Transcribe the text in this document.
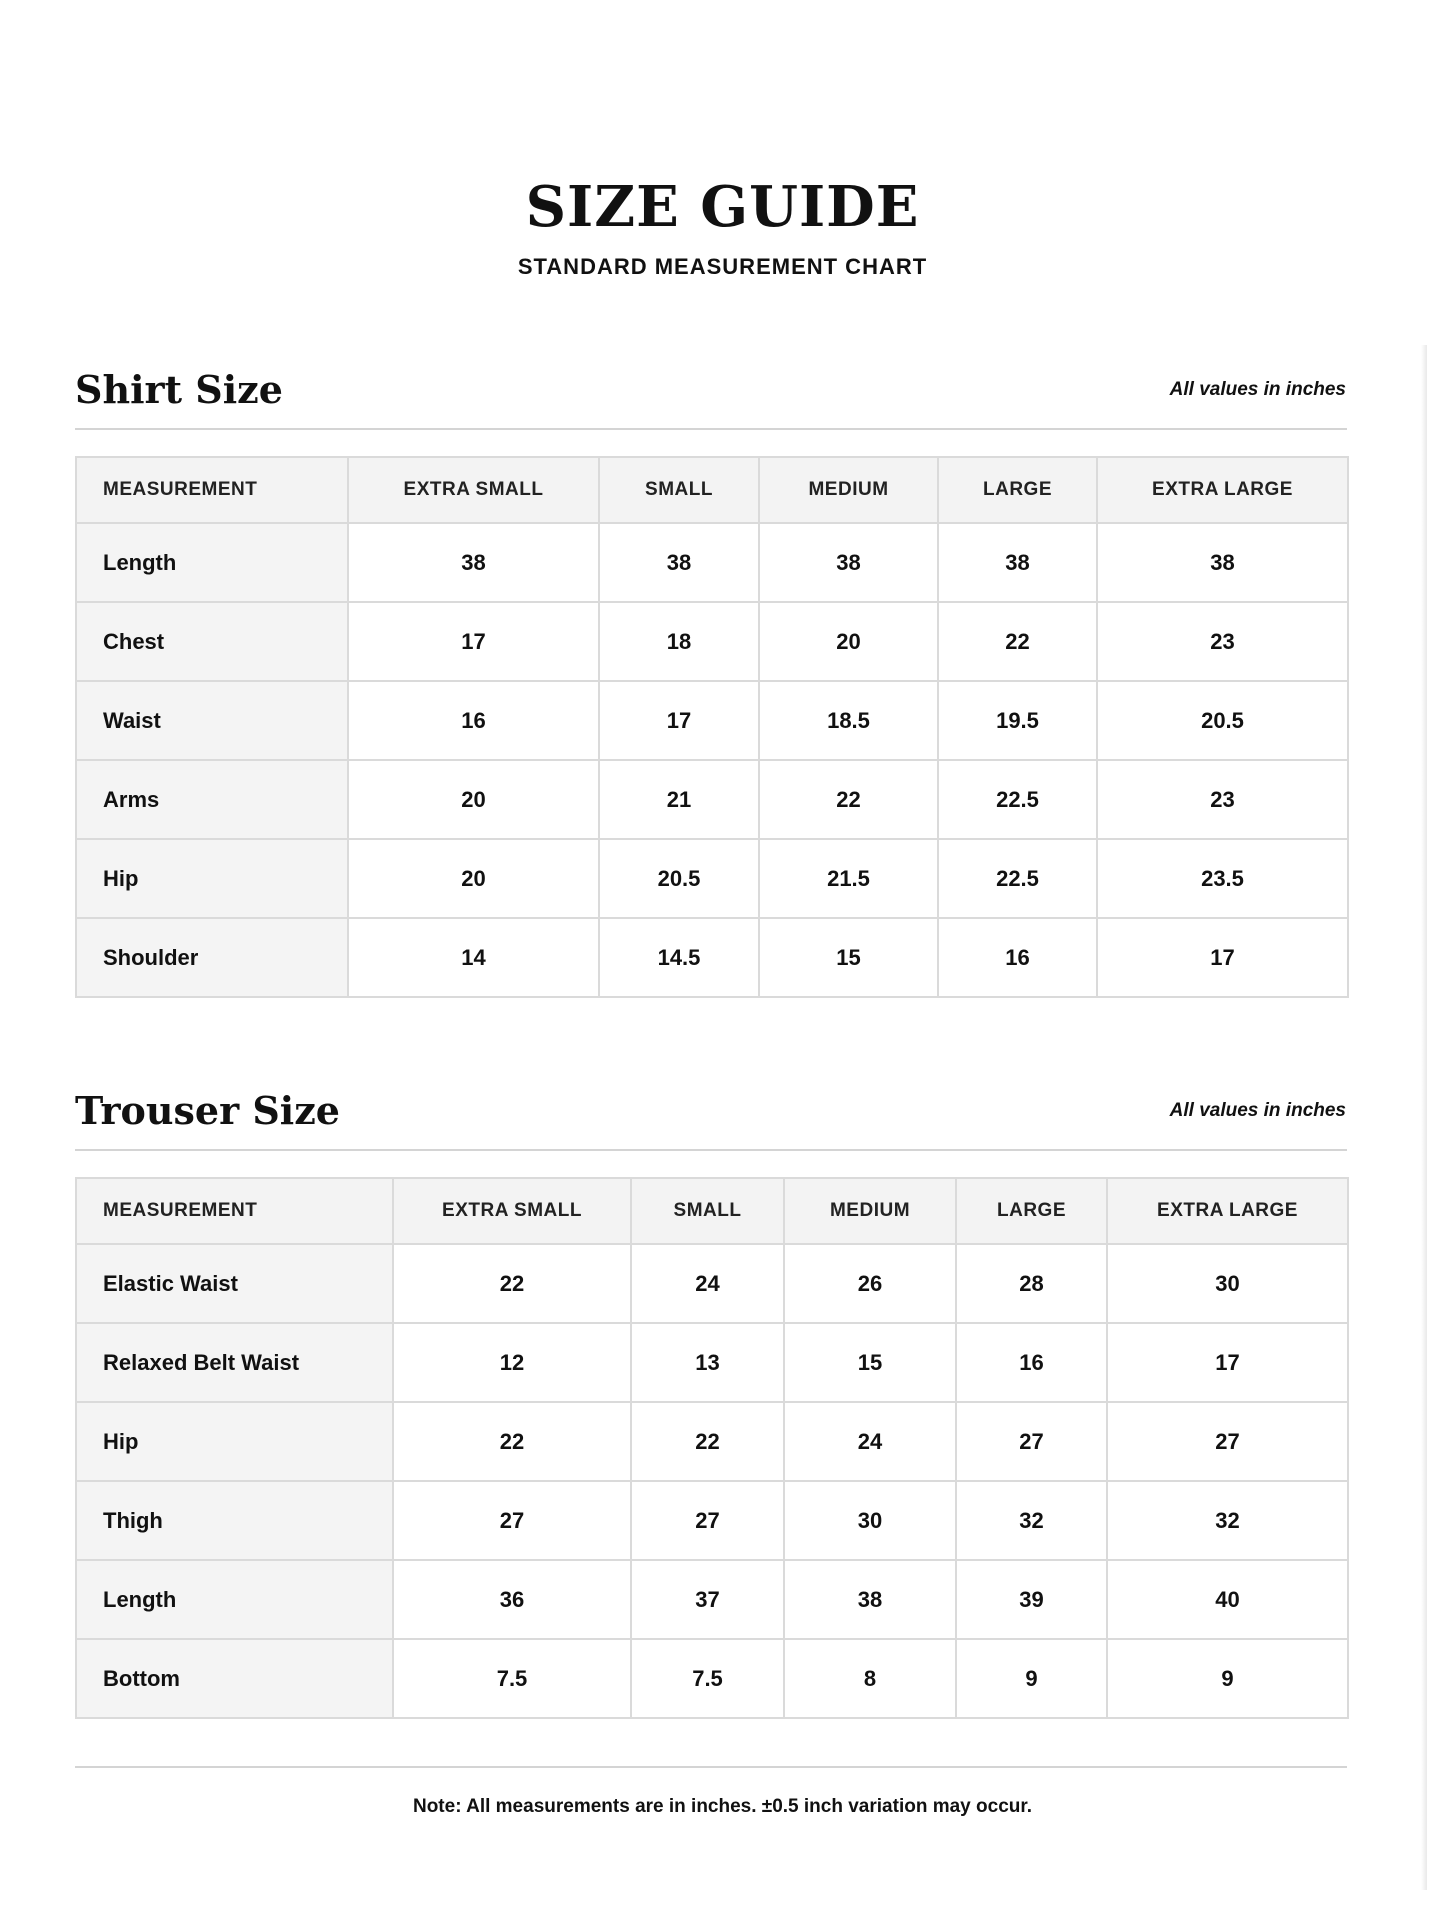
SIZE GUIDE
STANDARD MEASUREMENT CHART
Shirt Size	All values in inches
MEASUREMENT	EXTRA SMALL	SMALL	MEDIUM	LARGE	EXTRA LARGE
Length	38	38	38	38	38
Chest	17	18	20	22	23
Waist	16	17	18.5	19.5	20.5
Arms	20	21	22	22.5	23
Hip	20	20.5	21.5	22.5	23.5
Shoulder	14	14.5	15	16	17
Trouser Size	All values in inches
MEASUREMENT	EXTRA SMALL	SMALL	MEDIUM	LARGE	EXTRA LARGE
Elastic Waist	22	24	26	28	30
Relaxed Belt Waist	12	13	15	16	17
Hip	22	22	24	27	27
Thigh	27	27	30	32	32
Length	36	37	38	39	40
Bottom	7.5	7.5	8	9	9
Note: All measurements are in inches. ±0.5 inch variation may occur.
